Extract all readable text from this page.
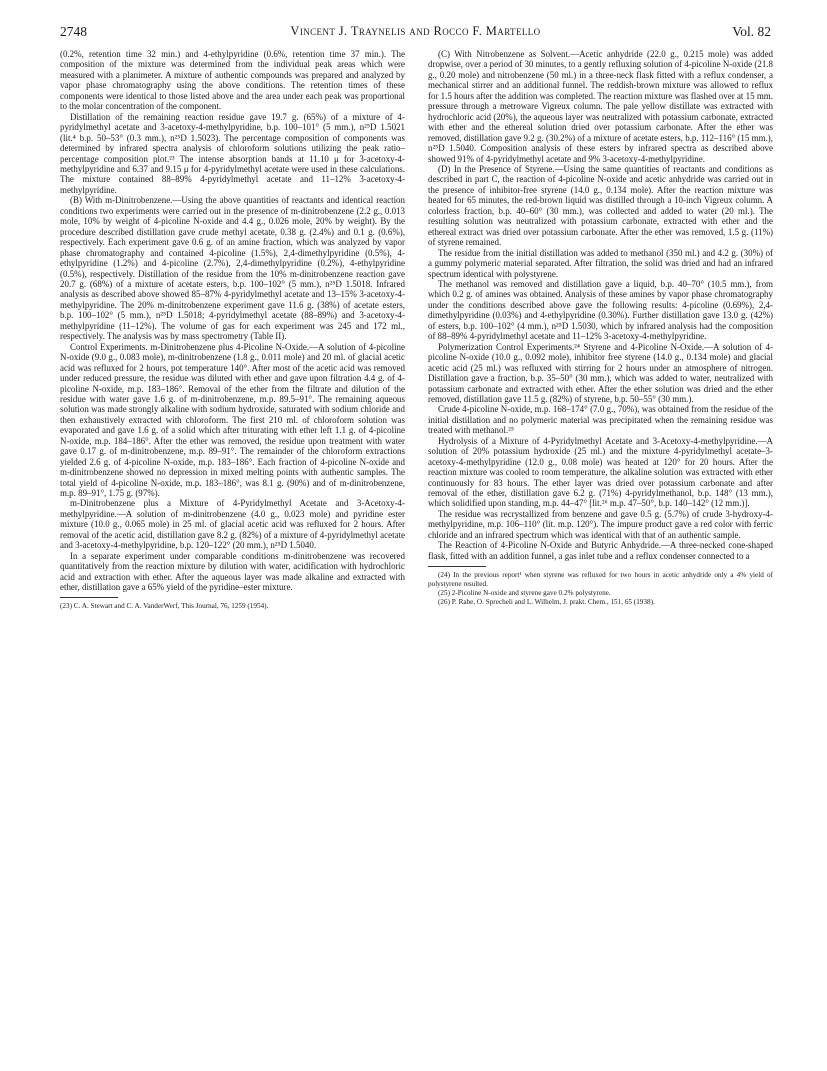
2748	Vincent J. Traynelis and Rocco F. Martello	Vol. 82

(0.2%, retention time 32 min.) and 4-ethylpyridine (0.6%, retention time 37 min.). The composition of the mixture was determined from the individual peak areas which were measured with a planimeter. A mixture of authentic compounds was prepared and analyzed by vapor phase chromatography using the above conditions. The retention times of these components were identical to those listed above and the area under each peak was proportional to the molar concentration of the component.

Distillation of the remaining reaction residue gave 19.7 g. (65%) of a mixture of 4-pyridylmethyl acetate and 3-acetoxy-4-methylpyridine, b.p. 100–101° (5 mm.), n²⁵D 1.5021 (lit.⁴ b.p. 50–53° (0.3 mm.), n²⁵D 1.5023). The percentage composition of components was determined by infrared spectra analysis of chloroform solutions utilizing the peak ratio–percentage composition plot.²³ The intense absorption bands at 11.10 μ for 3-acetoxy-4-methylpyridine and 6.37 and 9.15 μ for 4-pyridylmethyl acetate were used in these calculations. The mixture contained 88–89% 4-pyridylmethyl acetate and 11–12% 3-acetoxy-4-methylpyridine.

(B) With m-Dinitrobenzene.—Using the above quantities of reactants and identical reaction conditions two experiments were carried out in the presence of m-dinitrobenzene (2.2 g., 0.013 mole, 10% by weight of 4-picoline N-oxide and 4.4 g., 0.026 mole, 20% by weight). By the procedure described distillation gave crude methyl acetate, 0.38 g. (2.4%) and 0.1 g. (0.6%), respectively. Each experiment gave 0.6 g. of an amine fraction, which was analyzed by vapor phase chromatography and contained 4-picoline (1.5%), 2,4-dimethylpyridine (0.5%), 4-ethylpyridine (1.2%) and 4-picoline (2.7%), 2,4-dimethylpyridine (0.2%), 4-ethylpyridine (0.5%), respectively. Distillation of the residue from the 10% m-dinitrobenzene reaction gave 20.7 g. (68%) of a mixture of acetate esters, b.p. 100–102° (5 mm.), n²⁵D 1.5018. Infrared analysis as described above showed 85–87% 4-pyridylmethyl acetate and 13–15% 3-acetoxy-4-methylpyridine. The 20% m-dinitrobenzene experiment gave 11.6 g. (38%) of acetate esters, b.p. 100–102° (5 mm.), n²⁵D 1.5018; 4-pyridylmethyl acetate (88–89%) and 3-acetoxy-4-methylpyridine (11–12%). The volume of gas for each experiment was 245 and 172 ml., respectively. The analysis was by mass spectrometry (Table II).

Control Experiments. m-Dinitrobenzene plus 4-Picoline N-Oxide.—A solution of 4-picoline N-oxide (9.0 g., 0.083 mole), m-dinitrobenzene (1.8 g., 0.011 mole) and 20 ml. of glacial acetic acid was refluxed for 2 hours, pot temperature 140°. After most of the acetic acid was removed under reduced pressure, the residue was diluted with ether and gave upon filtration 4.4 g. of 4-picoline N-oxide, m.p. 183–186°. Removal of the ether from the filtrate and dilution of the residue with water gave 1.6 g. of m-dinitrobenzene, m.p. 89.5–91°. The remaining aqueous solution was made strongly alkaline with sodium hydroxide, saturated with sodium chloride and then exhaustively extracted with chloroform. The first 210 ml. of chloroform solution was evaporated and gave 1.6 g. of a solid which after triturating with ether left 1.1 g. of 4-picoline N-oxide, m.p. 184–186°. After the ether was removed, the residue upon treatment with water gave 0.17 g. of m-dinitrobenzene, m.p. 89–91°. The remainder of the chloroform extractions yielded 2.6 g. of 4-picoline N-oxide, m.p. 183–186°. Each fraction of 4-picoline N-oxide and m-dinitrobenzene showed no depression in mixed melting points with authentic samples. The total yield of 4-picoline N-oxide, m.p. 183–186°, was 8.1 g. (90%) and of m-dinitrobenzene, m.p. 89–91°, 1.75 g. (97%).

m-Dinitrobenzene plus a Mixture of 4-Pyridylmethyl Acetate and 3-Acetoxy-4-methylpyridine.—A solution of m-dinitrobenzene (4.0 g., 0.023 mole) and pyridine ester mixture (10.0 g., 0.065 mole) in 25 ml. of glacial acetic acid was refluxed for 2 hours. After removal of the acetic acid, distillation gave 8.2 g. (82%) of a mixture of 4-pyridylmethyl acetate and 3-acetoxy-4-methylpyridine, b.p. 120–122° (20 mm.), n²⁵D 1.5040.

In a separate experiment under comparable conditions m-dinitrobenzene was recovered quantitatively from the reaction mixture by dilution with water, acidification with hydrochloric acid and extraction with ether. After the aqueous layer was made alkaline and extracted with ether, distillation gave a 65% yield of the pyridine–ester mixture.

(23) C. A. Stewart and C. A. VanderWerf, This Journal, 76, 1259 (1954).

(C) With Nitrobenzene as Solvent.—Acetic anhydride (22.0 g., 0.215 mole) was added dropwise, over a period of 30 minutes, to a gently refluxing solution of 4-picoline N-oxide (21.8 g., 0.20 mole) and nitrobenzene (50 ml.) in a three-neck flask fitted with a reflux condenser, a mechanical stirrer and an additional funnel. The reddish-brown mixture was allowed to reflux for 1.5 hours after the addition was completed. The reaction mixture was flashed over at 15 mm. pressure through a metroware Vigreux column. The pale yellow distillate was extracted with hydrochloric acid (20%), the aqueous layer was neutralized with potassium carbonate, extracted with ether and the ethereal solution dried over potassium carbonate. After the ether was removed, distillation gave 9.2 g. (30.2%) of a mixture of acetate esters, b.p. 112–116° (15 mm.), n²⁵D 1.5040. Composition analysis of these esters by infrared spectra as described above showed 91% of 4-pyridylmethyl acetate and 9% 3-acetoxy-4-methylpyridine.

(D) In the Presence of Styrene.—Using the same quantities of reactants and conditions as described in part C, the reaction of 4-picoline N-oxide and acetic anhydride was carried out in the presence of inhibitor-free styrene (14.0 g., 0.134 mole). After the reaction mixture was heated for 65 minutes, the red-brown liquid was distilled through a 10-inch Vigreux column. A colorless fraction, b.p. 40–60° (30 mm.), was collected and added to water (20 ml.). The resulting solution was neutralized with potassium carbonate, extracted with ether and the ethereal extract was dried over potassium carbonate. After the ether was removed, 1.5 g. (11%) of styrene remained.

The residue from the initial distillation was added to methanol (350 ml.) and 4.2 g. (30%) of a gummy polymeric material separated. After filtration, the solid was dried and had an infrared spectrum identical with polystyrene.

The methanol was removed and distillation gave a liquid, b.p. 40–70° (10.5 mm.), from which 0.2 g. of amines was obtained. Analysis of these amines by vapor phase chromatography under the conditions described above gave the following results: 4-picoline (0.69%), 2,4-dimethylpyridine (0.03%) and 4-ethylpyridine (0.30%). Further distillation gave 13.0 g. (42%) of esters, b.p. 100–102° (4 mm.), n²⁵D 1.5030, which by infrared analysis had the composition of 88–89% 4-pyridylmethyl acetate and 11–12% 3-acetoxy-4-methylpyridine.

Polymerization Control Experiments.²⁴ Styrene and 4-Picoline N-Oxide.—A solution of 4-picoline N-oxide (10.0 g., 0.092 mole), inhibitor free styrene (14.0 g., 0.134 mole) and glacial acetic acid (25 ml.) was refluxed with stirring for 2 hours under an atmosphere of nitrogen. Distillation gave a fraction, b.p. 35–50° (30 mm.), which was added to water, neutralized with potassium carbonate and extracted with ether. After the ether solution was dried and the ether removed, distillation gave 11.5 g. (82%) of styrene, b.p. 50–55° (30 mm.).

Crude 4-picoline N-oxide, m.p. 168–174° (7.0 g., 70%), was obtained from the residue of the initial distillation and no polymeric material was precipitated when the remaining residue was treated with methanol.²⁵

Hydrolysis of a Mixture of 4-Pyridylmethyl Acetate and 3-Acetoxy-4-methylpyridine.—A solution of 20% potassium hydroxide (25 ml.) and the mixture 4-pyridylmethyl acetate–3-acetoxy-4-methylpyridine (12.0 g., 0.08 mole) was heated at 120° for 20 hours. After the reaction mixture was cooled to room temperature, the alkaline solution was extracted with ether continuously for 83 hours. The ether layer was dried over potassium carbonate and after removal of the ether, distillation gave 6.2 g. (71%) 4-pyridylmethanol, b.p. 148° (13 mm.), which solidified upon standing, m.p. 44–47° [lit.²⁶ m.p. 47–50°, b.p. 140–142° (12 mm.)].

The residue was recrystallized from benzene and gave 0.5 g. (5.7%) of crude 3-hydroxy-4-methylpyridine, m.p. 106–110° (lit. m.p. 120°). The impure product gave a red color with ferric chloride and an infrared spectrum which was identical with that of an authentic sample.

The Reaction of 4-Picoline N-Oxide and Butyric Anhydride.—A three-necked cone-shaped flask, fitted with an addition funnel, a gas inlet tube and a reflux condenser connected to a

(24) In the previous report¹ when styrene was refluxed for two hours in acetic anhydride only a 4% yield of polystyrene resulted.

(25) 2-Picoline N-oxide and styrene gave 0.2% polystyrene.

(26) P. Rabe, O. Sprecheli and L. Wilhelm, J. prakt. Chem., 151, 65 (1938).
